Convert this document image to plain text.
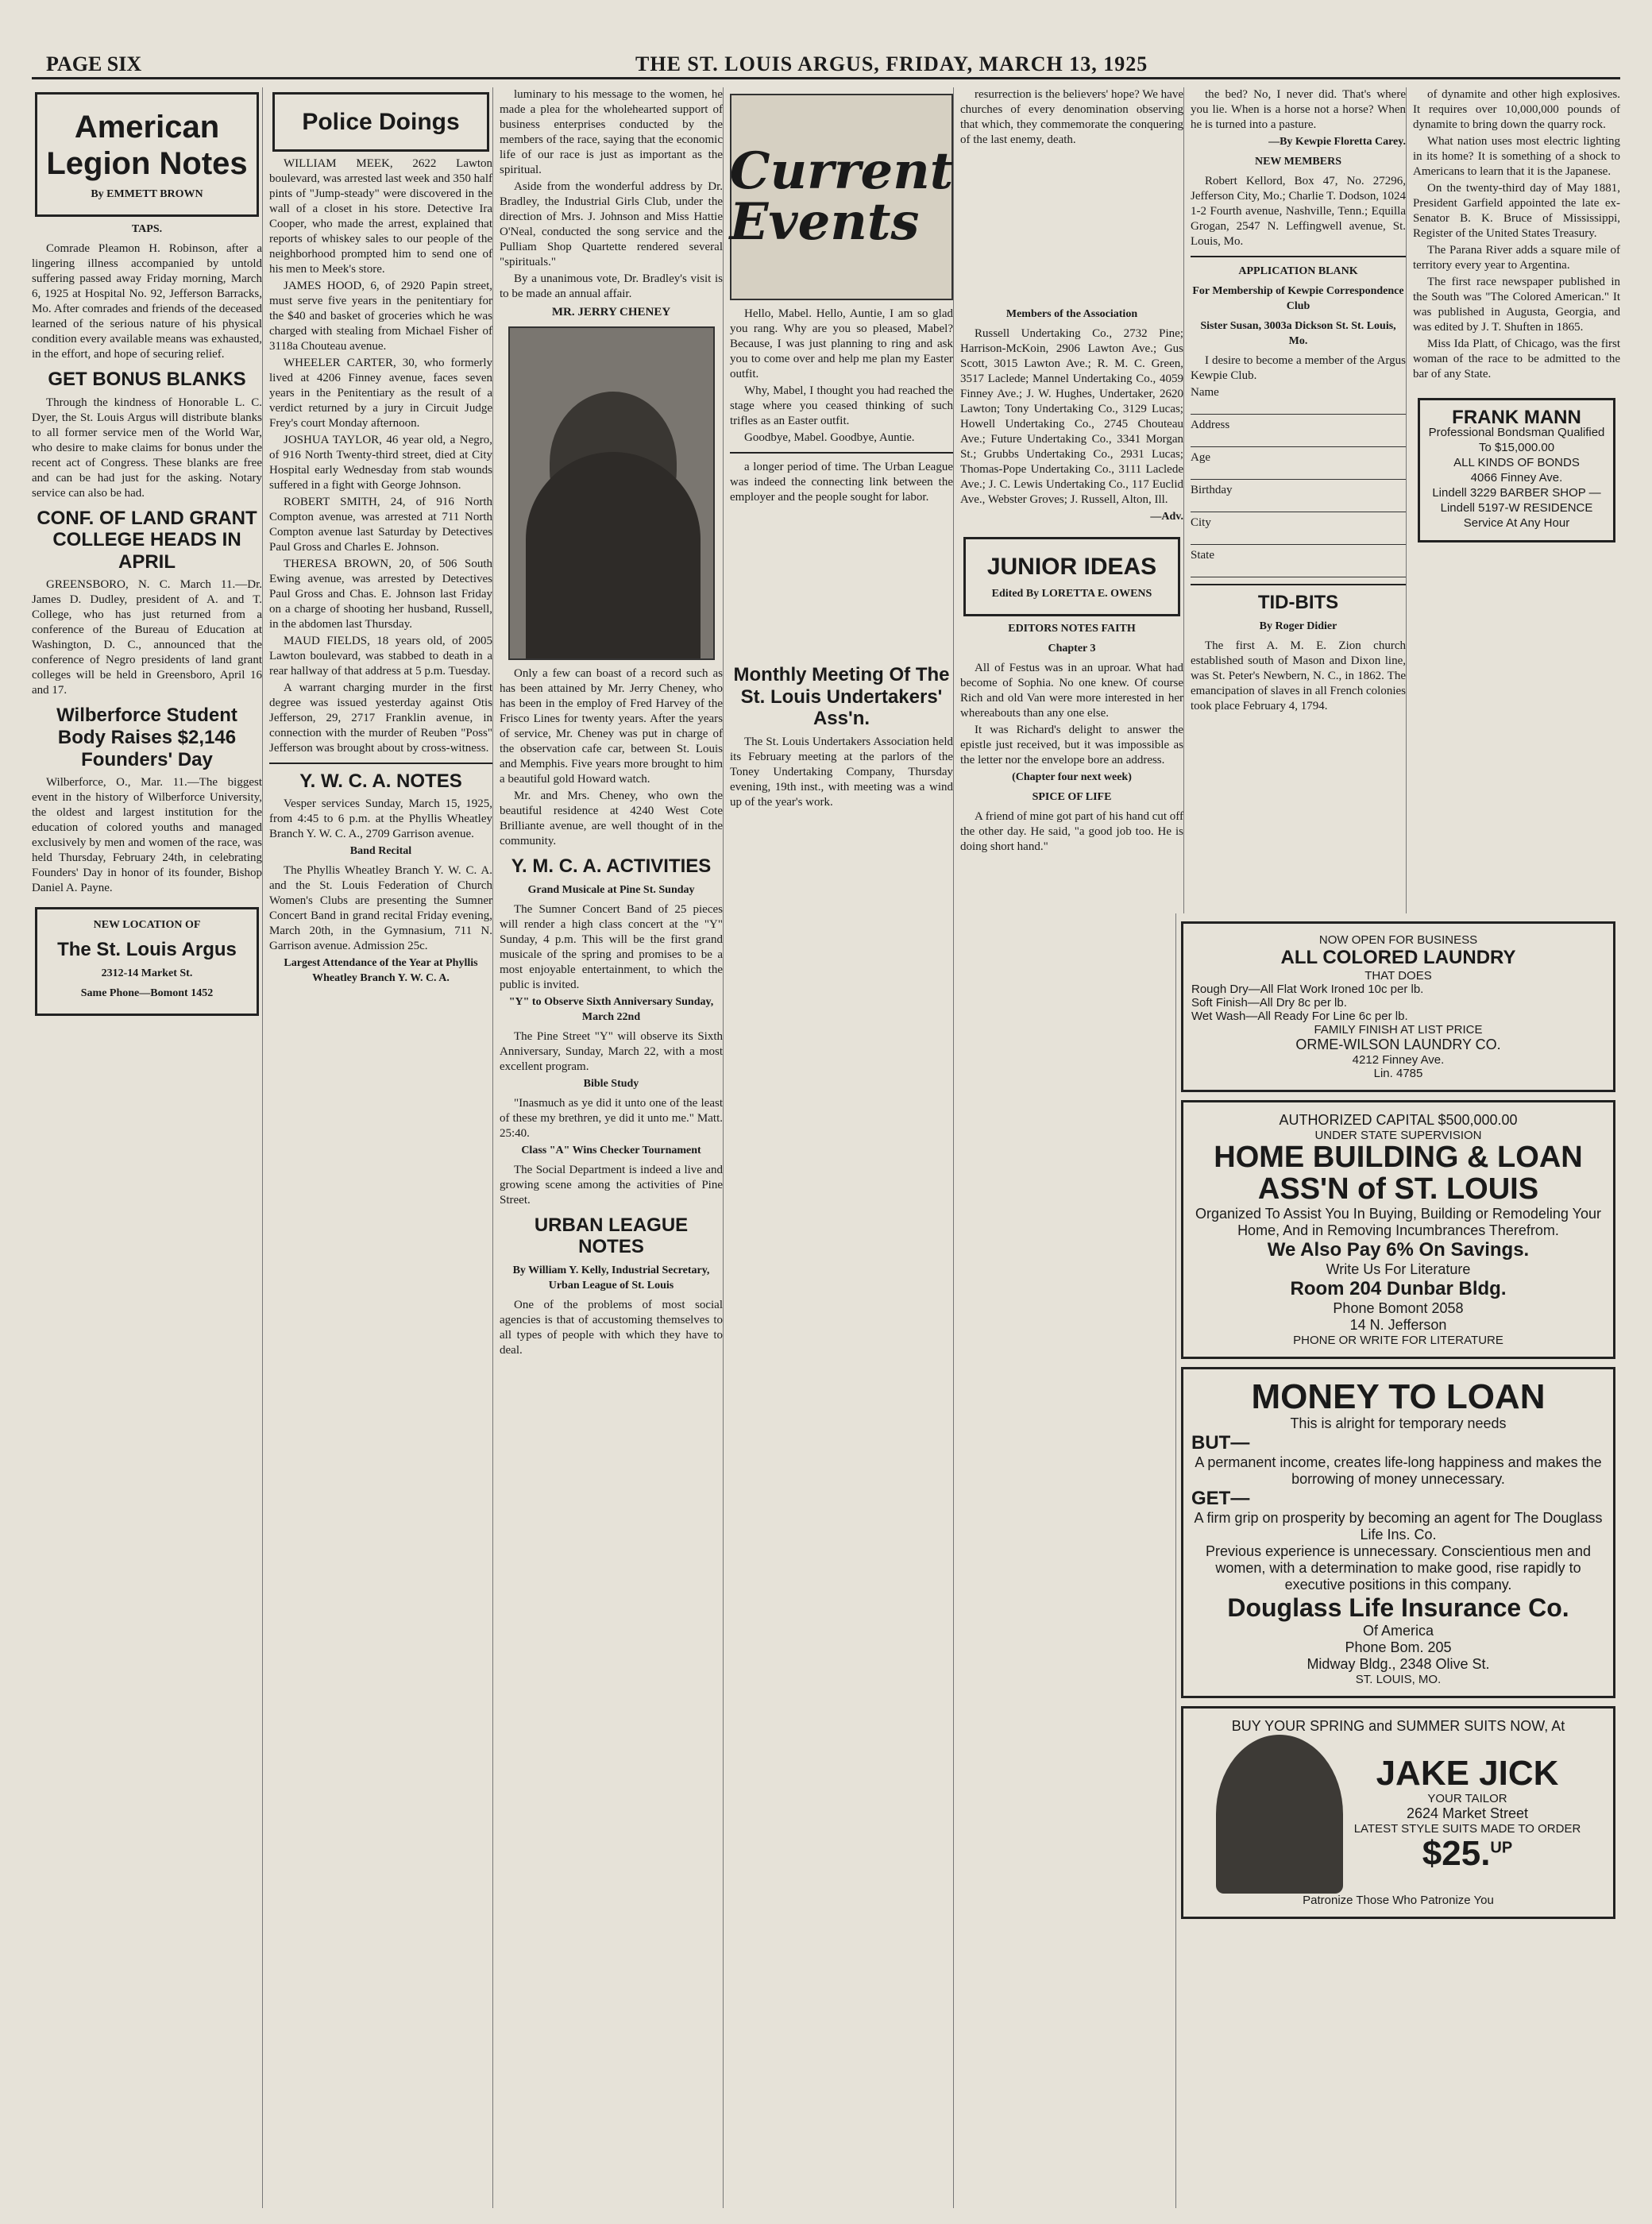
PAGE SIX	THE ST. LOUIS ARGUS, FRIDAY, MARCH 13, 1925
American Legion Notes
By EMMETT BROWN
TAPS.

Comrade Pleamon H. Robinson, after a lingering illness accompanied by untold suffering passed away Friday morning, March 6, 1925 at Hospital No. 92, Jefferson Barracks, Mo. After comrades and friends of the deceased learned of the serious nature of his physical condition every available means was exhausted, in the effort, and hope of securing relief.

GET BONUS BLANKS

Through the kindness of Honorable L. C. Dyer, the St. Louis Argus will distribute blanks to all former service men of the World War, who desire to make claims for bonus under the recent act of Congress. These blanks are free and can be had just for the asking. Notary service can also be had.

CONF. OF LAND GRANT COLLEGE HEADS IN APRIL

GREENSBORO, N. C. March 11.—Dr. James D. Dudley, president of A. and T. College, who has just returned from a conference of the Bureau of Education at Washington, D. C., announced that the conference of Negro presidents of land grant colleges will be held in Greensboro, April 16 and 17.

Wilberforce Student Body Raises $2,146 Founders' Day

Wilberforce, O., Mar. 11.—The biggest event in the history of Wilberforce University, the oldest and largest institution for the education of colored youths and managed exclusively by men and women of the race, was held Thursday, February 24th, in celebrating Founders' Day in honor of its founder, Bishop Daniel A. Payne.

NEW LOCATION OF
The St. Louis Argus
2312-14 Market St.
Same Phone—Bomont 1452
Police Doings

WILLIAM MEEK, 2622 Lawton boulevard, was arrested last week and 350 half pints of "Jump-steady" were discovered in the wall of a closet in his store. Detective Ira Cooper, who made the arrest, explained that reports of whiskey sales to our people of the neighborhood prompted him to send one of his men to Meek's store.

JAMES HOOD, 6, of 2920 Papin street, must serve five years in the penitentiary for the $40 and basket of groceries which he was charged with stealing from Michael Fisher of 3118a Chouteau avenue.

WHEELER CARTER, 30, who formerly lived at 4206 Finney avenue, faces seven years in the Penitentiary as the result of a verdict returned by a jury in Circuit Judge Frey's court Monday afternoon.

JOSHUA TAYLOR, 46 year old, a Negro, of 916 North Twenty-third street, died at City Hospital early Wednesday from stab wounds suffered in a fight with George Johnson.

ROBERT SMITH, 24, of 916 North Compton avenue, was arrested at 711 North Compton avenue last Saturday by Detectives Paul Gross and Charles E. Johnson.

THERESA BROWN, 20, of 506 South Ewing avenue, was arrested by Detectives Paul Gross and Chas. E. Johnson last Friday on a charge of shooting her husband, Russell, in the abdomen last Thursday.

MAUD FIELDS, 18 years old, of 2005 Lawton boulevard, was stabbed to death in a rear hallway of that address at 5 p.m. Tuesday.

A warrant charging murder in the first degree was issued yesterday against Otis Jefferson, 29, 2717 Franklin avenue, in connection with the murder of Reuben "Poss" Jefferson was brought about by cross-witness.

Y. W. C. A. NOTES

Vesper services Sunday, March 15, 1925, from 4:45 to 6 p.m. at the Phyllis Wheatley Branch Y. W. C. A., 2709 Garrison avenue.

Band Recital

The Phyllis Wheatley Branch Y. W. C. A. and the St. Louis Federation of Church Women's Clubs are presenting the Sumner Concert Band in grand recital Friday evening, March 20th, in the Gymnasium, 711 N. Garrison avenue. Admission 25c.

Largest Attendance of the Year at Phyllis Wheatley Branch Y. W. C. A.

luminary to his message to the women, he made a plea for the wholehearted support of business enterprises conducted by the members of the race, saying that the economic life of our race is just as important as the spiritual.

Aside from the wonderful address by Dr. Bradley, the Industrial Girls Club, under the direction of Mrs. J. Johnson and Miss Hattie O'Neal, conducted the song service and the Pulliam Shop Quartette rendered several "spirituals."

By a unanimous vote, Dr. Bradley's visit is to be made an annual affair.

MR. JERRY CHENEY

Only a few can boast of a record such as has been attained by Mr. Jerry Cheney, who has been in the employ of Fred Harvey of the Frisco Lines for twenty years. After the years of service, Mr. Cheney was put in charge of the observation cafe car, between St. Louis and Memphis. Five years more brought to him a beautiful gold Howard watch.

Mr. and Mrs. Cheney, who own the beautiful residence at 4240 West Cote Brilliante avenue, are well thought of in the community.

Y. M. C. A. ACTIVITIES
Grand Musicale at Pine St. Sunday

The Sumner Concert Band of 25 pieces will render a high class concert at the "Y" Sunday, 4 p.m. This will be the first grand musicale of the spring and promises to be a most enjoyable entertainment, to which the public is invited.

"Y" to Observe Sixth Anniversary Sunday, March 22nd

The Pine Street "Y" will observe its Sixth Anniversary, Sunday, March 22, with a most excellent program.

Bible Study

"Inasmuch as ye did it unto one of the least of these my brethren, ye did it unto me." Matt. 25:40.

Class "A" Wins Checker Tournament

The Social Department is indeed a live and growing scene among the activities of Pine Street.

URBAN LEAGUE NOTES
By William Y. Kelly, Industrial Secretary, Urban League of St. Louis

One of the problems of most social agencies is that of accustoming themselves to all types of people with which they have to deal.

Current Events

Hello, Mabel. Hello, Auntie, I am so glad you rang. Why are you so pleased, Mabel? Because, I was just planning to ring and ask you to come over and help me plan my Easter outfit.

Why, Mabel, I thought you had reached the stage where you ceased thinking of such trifles as an Easter outfit.

Goodbye, Mabel. Goodbye, Auntie.

a longer period of time. The Urban League was indeed the connecting link between the employer and the people sought for labor.

Monthly Meeting Of The St. Louis Undertakers' Ass'n.

The St. Louis Undertakers Association held its February meeting at the parlors of the Toney Undertaking Company, Thursday evening, 19th inst., with meeting was a wind up of the year's work.

resurrection is the believers' hope? We have churches of every denomination observing that which, they commemorate the conquering of the last enemy, death.

Members of the Association

Russell Undertaking Co., 2732 Pine; Harrison-McKoin, 2906 Lawton Ave.; Gus Scott, 3015 Lawton Ave.; R. M. C. Green, 3517 Laclede; Mannel Undertaking Co., 4059 Finney Ave.; J. W. Hughes, Undertaker, 2620 Lawton; Tony Undertaking Co., 3129 Lucas; Howell Undertaking Co., 2745 Chouteau Ave.; Future Undertaking Co., 3341 Morgan St.; Grubbs Undertaking Co., 2931 Lucas; Thomas-Pope Undertaking Co., 3111 Laclede Ave.; J. C. Lewis Undertaking Co., 117 Euclid Ave., Webster Groves; J. Russell, Alton, Ill.

—Adv.
JUNIOR IDEAS
Edited By LORETTA E. OWENS
EDITORS NOTES FAITH
Chapter 3

All of Festus was in an uproar. What had become of Sophia. No one knew. Of course Rich and old Van were more interested in her whereabouts than any one else.

It was Richard's delight to answer the epistle just received, but it was impossible as the letter nor the envelope bore an address.

(Chapter four next week)
SPICE OF LIFE

A friend of mine got part of his hand cut off the other day. He said, "a good job too. He is doing short hand."

the bed? No, I never did. That's where you lie. When is a horse not a horse? When he is turned into a pasture.

—By Kewpie Floretta Carey.
NEW MEMBERS

Robert Kellord, Box 47, No. 27296, Jefferson City, Mo.; Charlie T. Dodson, 1024 1-2 Fourth avenue, Nashville, Tenn.; Equilla Grogan, 2547 N. Leffingwell avenue, St. Louis, Mo.

APPLICATION BLANK
For Membership of Kewpie Correspondence Club
Sister Susan, 3003a Dickson St. St. Louis, Mo.

I desire to become a member of the Argus Kewpie Club.

Name
Address
Age
Birthday
City
State
TID-BITS
By Roger Didier

The first A. M. E. Zion church established south of Mason and Dixon line, was St. Peter's Newbern, N. C., in 1862. The emancipation of slaves in all French colonies took place February 4, 1794.

of dynamite and other high explosives. It requires over 10,000,000 pounds of dynamite to bring down the quarry rock.

What nation uses most electric lighting in its home? It is something of a shock to Americans to learn that it is the Japanese.

On the twenty-third day of May 1881, President Garfield appointed the late ex-Senator B. K. Bruce of Mississippi, Register of the United States Treasury.

The Parana River adds a square mile of territory every year to Argentina.

The first race newspaper published in the South was "The Colored American." It was published in Augusta, Georgia, and was edited by J. T. Shuften in 1865.

Miss Ida Platt, of Chicago, was the first woman of the race to be admitted to the bar of any State.

FRANK MANN
Professional Bondsman Qualified To $15,000.00
ALL KINDS OF BONDS
4066 Finney Ave.
Lindell 3229 BARBER SHOP — Lindell 5197-W RESIDENCE
Service At Any Hour
NOW OPEN FOR BUSINESS
ALL COLORED LAUNDRY
THAT DOES
Rough Dry—All Flat Work Ironed 10c per lb.
Soft Finish—All Dry 8c per lb.
Wet Wash—All Ready For Line 6c per lb.
FAMILY FINISH AT LIST PRICE
ORME-WILSON LAUNDRY CO.
4212 Finney Ave.
Lin. 4785
AUTHORIZED CAPITAL $500,000.00
UNDER STATE SUPERVISION
HOME BUILDING & LOAN ASS'N of ST. LOUIS
Organized To Assist You In Buying, Building or Remodeling Your Home, And in Removing Incumbrances Therefrom.
We Also Pay 6% On Savings.
Write Us For Literature
Room 204 Dunbar Bldg.
Phone Bomont 2058
14 N. Jefferson
PHONE OR WRITE FOR LITERATURE
MONEY TO LOAN
This is alright for temporary needs
BUT—
A permanent income, creates life-long happiness and makes the borrowing of money unnecessary.
GET—
A firm grip on prosperity by becoming an agent for The Douglass Life Ins. Co.
Previous experience is unnecessary. Conscientious men and women, with a determination to make good, rise rapidly to executive positions in this company.
Douglass Life Insurance Co.
Of America
Phone Bom. 205
Midway Bldg., 2348 Olive St.
ST. LOUIS, MO.
BUY YOUR SPRING and SUMMER SUITS NOW, At
JAKE JICK
YOUR TAILOR
2624 Market Street
LATEST STYLE SUITS MADE TO ORDER
$25.$^{UP}$
Patronize Those Who Patronize You
